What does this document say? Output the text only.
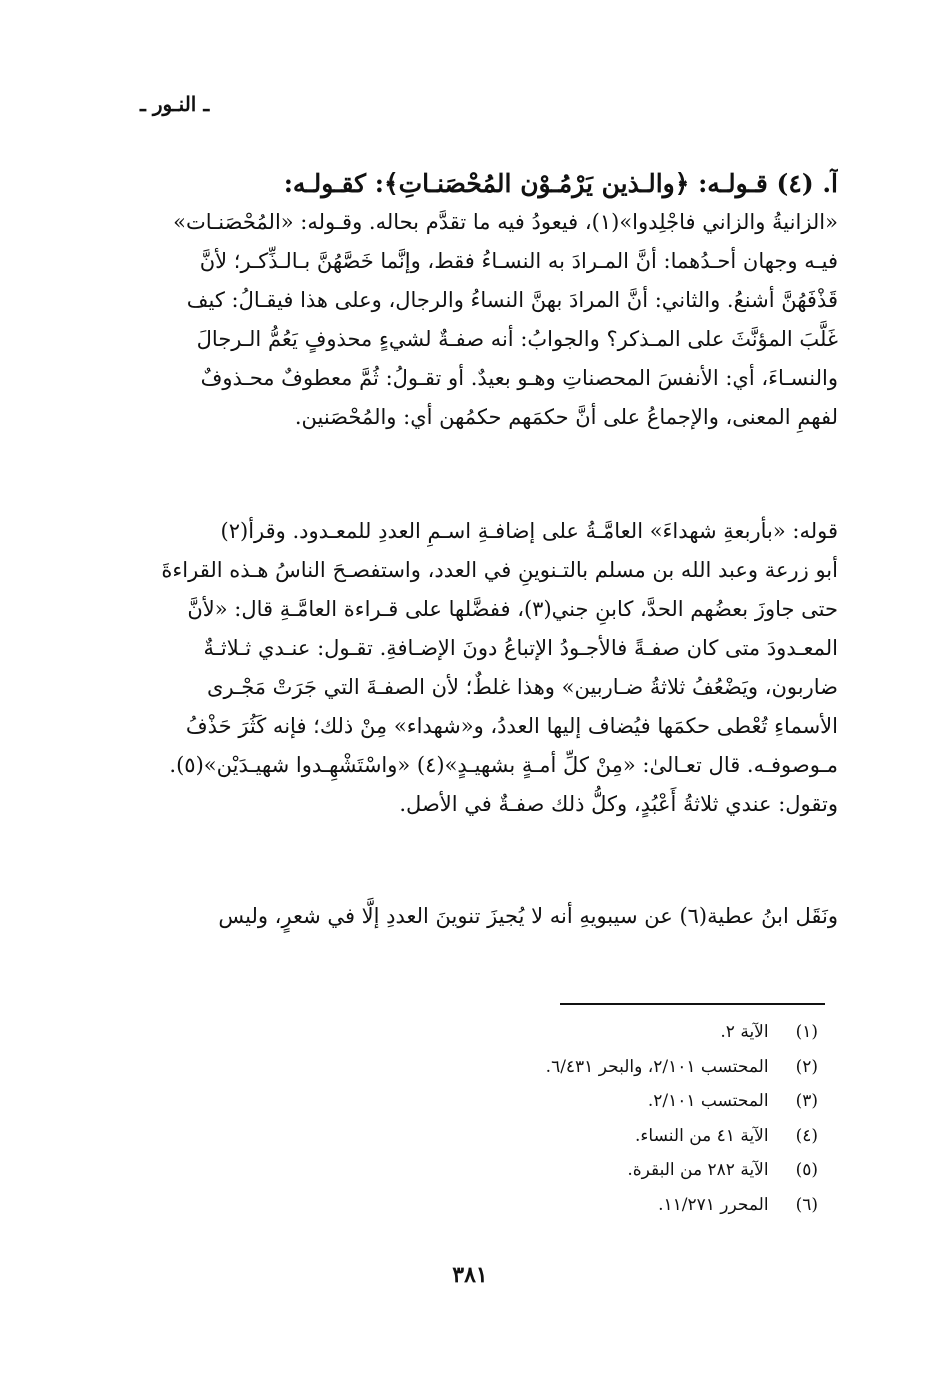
ـ النـور ـ
آ. (٤) قـولـه: ﴿والـذين يَرْمُـوْن المُحْصَنـاتِ﴾: كقـولـه:
«الزانيةُ والزاني فاجْلِدوا»(١)، فيعودُ فيه ما تقدَّم بحاله. وقـوله: «المُحْصَنـات»
فيـه وجهان أحـدُهما: أنَّ المـرادَ به النسـاءُ فقط، وإنَّما خَصَّهُنَّ بـالـذِّكـر؛ لأنَّ
قَذْفَهُنَّ أشنعُ. والثاني: أنَّ المرادَ بهنَّ النساءُ والرجال، وعلى هذا فيقـالُ: كيف
غَلَّبَ المؤنَّثَ على المـذكر؟ والجوابُ: أنه صفـةٌ لشيءٍ محذوفٍ يَعُمُّ الـرجالَ
والنسـاءَ، أي: الأنفسَ المحصناتِ وهـو بعيدٌ. أو تقـولُ: ثُمَّ معطوفٌ محـذوفٌ
لفهمِ المعنى، والإجماعُ على أنَّ حكمَهم حكمُهن أي: والمُحْصَنين.
قوله: «بأربعةِ شهداءَ» العامَّـةُ على إضافـةِ اسـمِ العددِ للمعـدود. وقرأ(٢)
أبو زرعة وعبد الله بن مسلم بالتـنوينِ في العدد، واستفصـحَ الناسُ هـذه القراءةَ
حتى جاوزَ بعضُهم الحدَّ، كابنِ جني(٣)، ففضَّلها على قـراءة العامَّـةِ قال: «لأنَّ
المعـدودَ متى كان صفـةً فالأجـودُ الإتباعُ دونَ الإضـافةِ. تقـول: عنـدي ثـلاثـةٌ
ضاربون، ويَضْعُفُ ثلاثةُ ضـاربين» وهذا غلطٌ؛ لأن الصفـةَ التي جَرَتْ مَجْـرى
الأسماءِ تُعْطى حكمَها فيُضاف إليها العددُ، و«شهداء» مِنْ ذلك؛ فإنه كَثُرَ حَذْفُ
مـوصوفـه. قال تعـالىٰ: «مِنْ كلِّ أمـةٍ بشهيـدٍ»(٤) «واسْتَشْهِـدوا شهيـدَيْن»(٥).
وتقول: عندي ثلاثةُ أَعْبُدٍ، وكلُّ ذلك صفـةٌ في الأصل.
ونَقَل ابنُ عطية(٦) عن سيبويهِ أنه لا يُجيزَ تنوينَ العددِ إلَّا في شعرٍ، وليس
(١) الآية ٢.
(٢) المحتسب ٢/١٠١، والبحر ٦/٤٣١.
(٣) المحتسب ٢/١٠١.
(٤) الآية ٤١ من النساء.
(٥) الآية ٢٨٢ من البقرة.
(٦) المحرر ١١/٢٧١.
٣٨١
